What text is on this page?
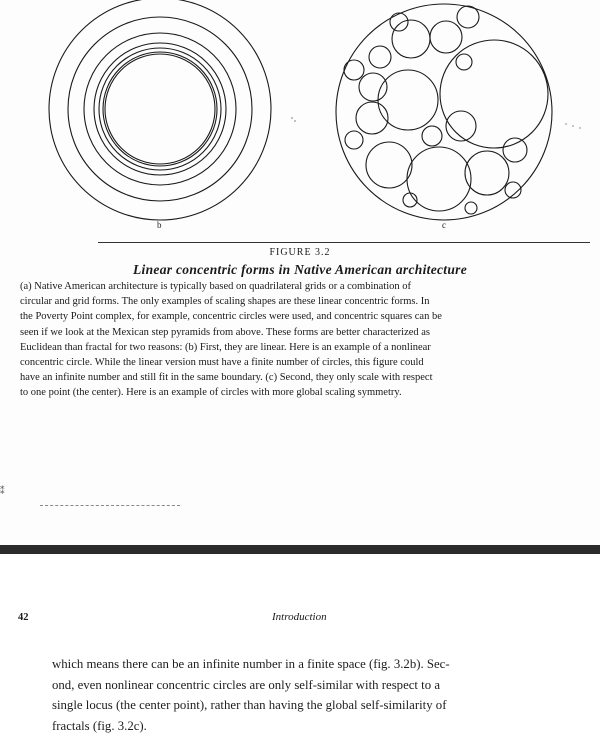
b	c
FIGURE 3.2
Linear concentric forms in Native American architecture
(a) Native American architecture is typically based on quadrilateral grids or a combination of
circular and grid forms. The only examples of scaling shapes are these linear concentric forms. In
the Poverty Point complex, for example, concentric circles were used, and concentric squares can be
seen if we look at the Mexican step pyramids from above. These forms are better characterized as
Euclidean than fractal for two reasons: (b) First, they are linear. Here is an example of a nonlinear
concentric circle. While the linear version must have a finite number of circles, this figure could
have an infinite number and still fit in the same boundary. (c) Second, they only scale with respect
to one point (the center). Here is an example of circles with more global scaling symmetry.
⁑
42	Introduction
which means there can be an infinite number in a finite space (fig. 3.2b). Sec-
ond, even nonlinear concentric circles are only self-similar with respect to a
single locus (the center point), rather than having the global self-similarity of
fractals (fig. 3.2c).
